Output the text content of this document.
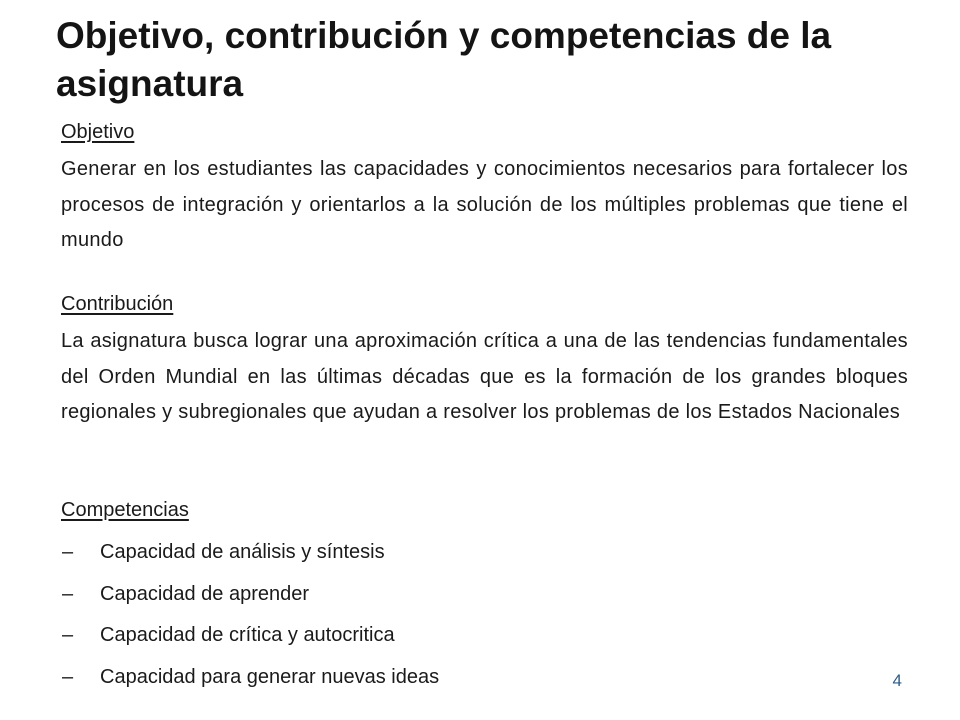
Objetivo, contribución y competencias de la asignatura
Objetivo

Generar en los estudiantes las capacidades y conocimientos necesarios para fortalecer los procesos de integración y orientarlos a la solución de los múltiples problemas que tiene el mundo

Contribución

La asignatura busca lograr una aproximación crítica a una de las tendencias fundamentales del Orden Mundial en las últimas décadas que es la formación de los grandes bloques regionales y subregionales que ayudan a resolver los problemas de los Estados Nacionales

Competencias
–	Capacidad de análisis y síntesis
–	Capacidad de aprender
–	Capacidad de crítica y autocritica
–	Capacidad para generar nuevas ideas	4
